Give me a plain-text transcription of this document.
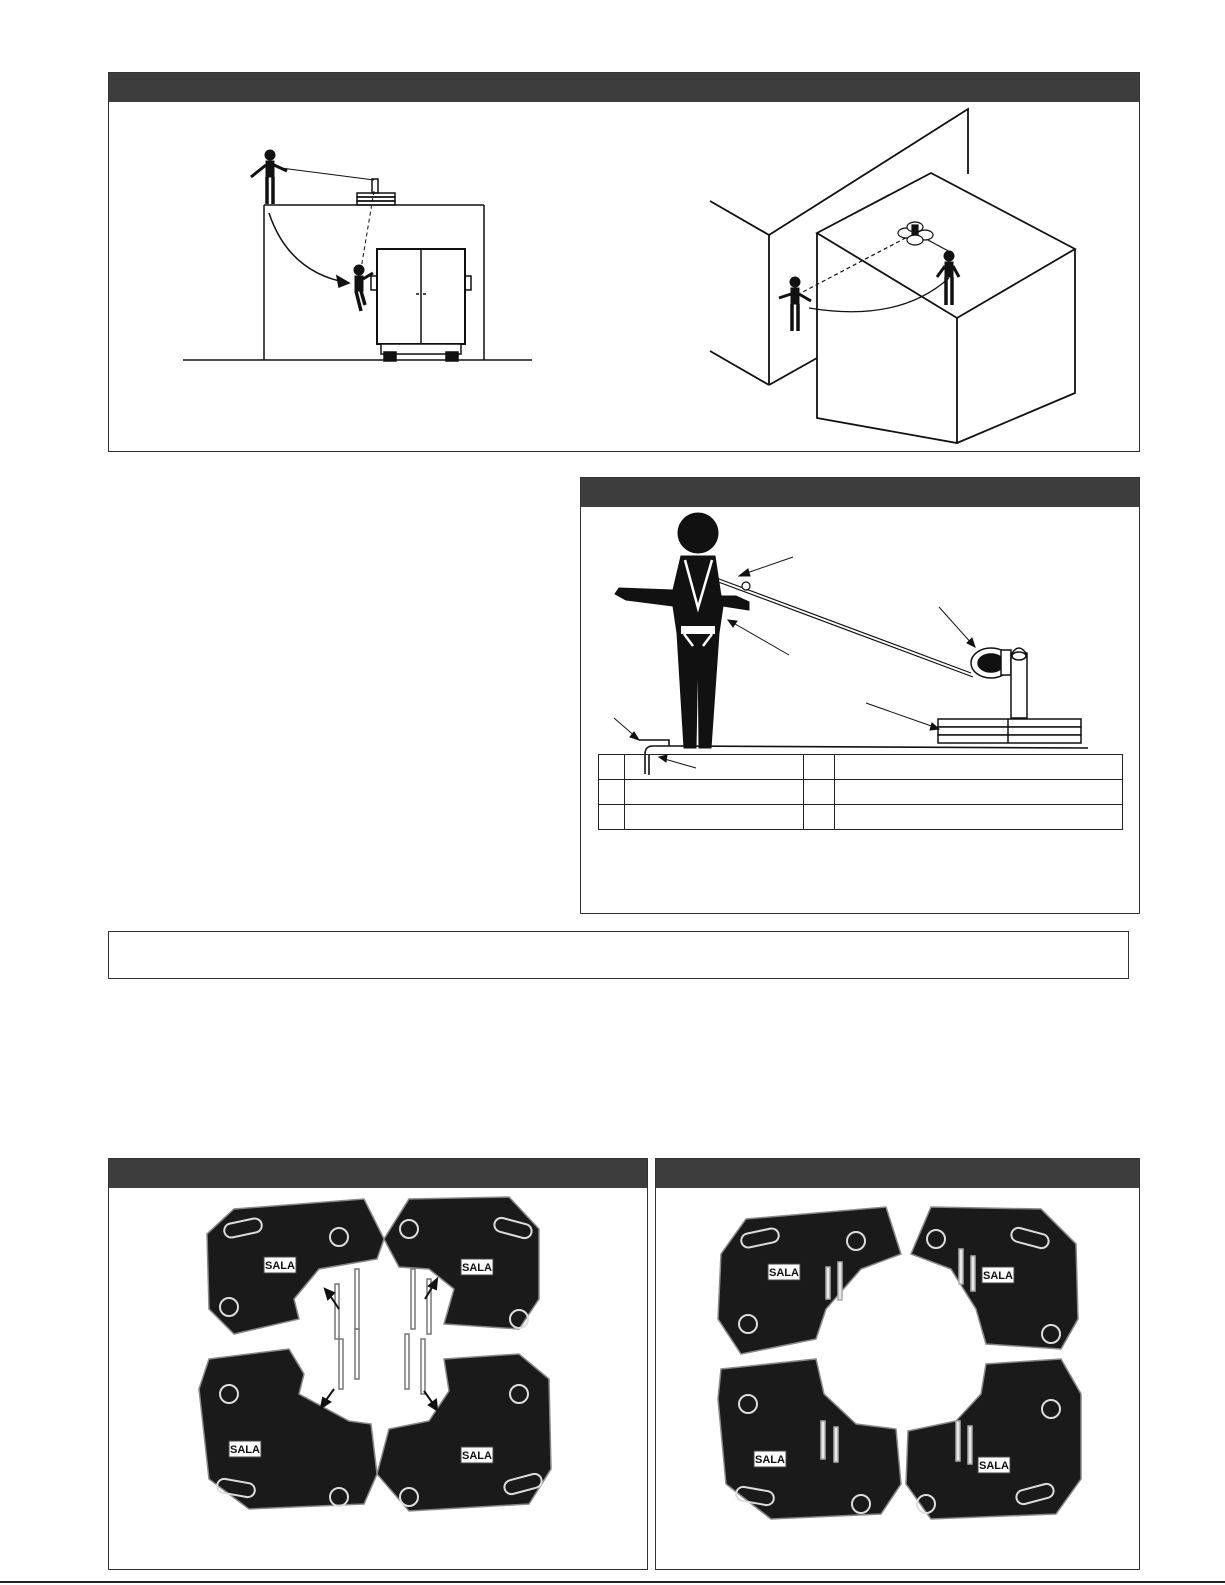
SALA	SALA
SALA	SALA
SALA	SALA
SALA	SALA
